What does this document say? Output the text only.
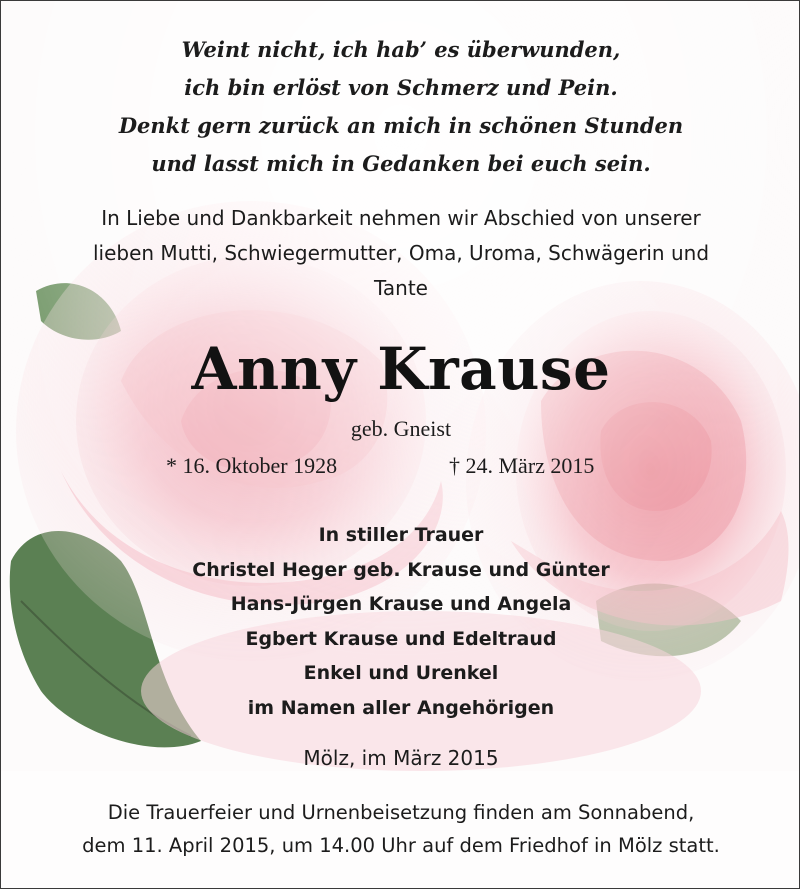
Weint nicht, ich hab’ es überwunden,
ich bin erlöst von Schmerz und Pein.
Denkt gern zurück an mich in schönen Stunden
und lasst mich in Gedanken bei euch sein.
In Liebe und Dankbarkeit nehmen wir Abschied von unserer
lieben Mutti, Schwiegermutter, Oma, Uroma, Schwägerin und
Tante
Anny Krause
geb. Gneist
* 16. Oktober 1928	† 24. März 2015
In stiller Trauer
Christel Heger geb. Krause und Günter
Hans-Jürgen Krause und Angela
Egbert Krause und Edeltraud
Enkel und Urenkel
im Namen aller Angehörigen
Mölz, im März 2015
Die Trauerfeier und Urnenbeisetzung finden am Sonnabend,
dem 11. April 2015, um 14.00 Uhr auf dem Friedhof in Mölz statt.
